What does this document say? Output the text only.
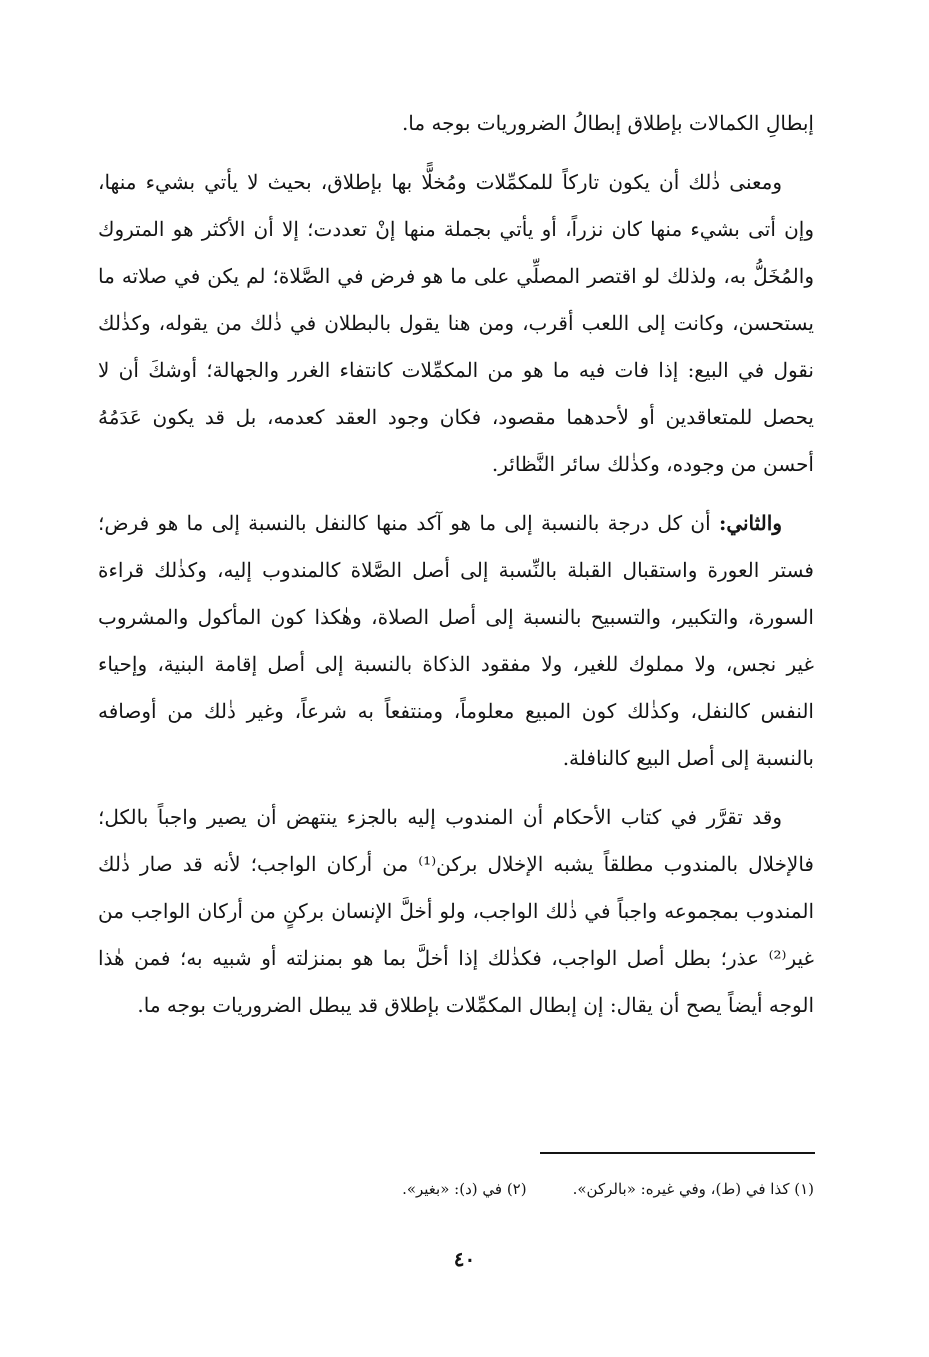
إبطالِ الكمالات بإطلاق إبطالُ الضروريات بوجه ما.

ومعنى ذٰلك أن يكون تاركاً للمكمِّلات ومُخلًّا بها بإطلاق، بحيث لا يأتي بشيء منها، وإن أتى بشيء منها كان نزراً، أو يأتي بجملة منها إنْ تعددت؛ إلا أن الأكثر هو المتروك والمُخَلُّ به، ولذلك لو اقتصر المصلِّي على ما هو فرض في الصَّلاة؛ لم يكن في صلاته ما يستحسن، وكانت إلى اللعب أقرب، ومن هنا يقول بالبطلان في ذٰلك من يقوله، وكذٰلك نقول في البيع: إذا فات فيه ما هو من المكمِّلات كانتفاء الغرر والجهالة؛ أوشكَ أن لا يحصل للمتعاقدين أو لأحدهما مقصود، فكان وجود العقد كعدمه، بل قد يكون عَدَمُهُ أحسن من وجوده، وكذٰلك سائر النَّظائر.

والثاني: أن كل درجة بالنسبة إلى ما هو آكد منها كالنفل بالنسبة إلى ما هو فرض؛ فستر العورة واستقبال القبلة بالنِّسبة إلى أصل الصَّلاة كالمندوب إليه، وكذٰلك قراءة السورة، والتكبير، والتسبيح بالنسبة إلى أصل الصلاة، وهٰكذا كون المأكول والمشروب غير نجس، ولا مملوك للغير، ولا مفقود الذكاة بالنسبة إلى أصل إقامة البنية، وإحياء النفس كالنفل، وكذٰلك كون المبيع معلوماً، ومنتفعاً به شرعاً، وغير ذٰلك من أوصافه بالنسبة إلى أصل البيع كالنافلة.

وقد تقرَّر في كتاب الأحكام أن المندوب إليه بالجزء ينتهض أن يصير واجباً بالكل؛ فالإخلال بالمندوب مطلقاً يشبه الإخلال بركن⁽¹⁾ من أركان الواجب؛ لأنه قد صار ذٰلك المندوب بمجموعه واجباً في ذٰلك الواجب، ولو أخلَّ الإنسان بركنٍ من أركان الواجب من غير⁽²⁾ عذر؛ بطل أصل الواجب، فكذٰلك إذا أخلَّ بما هو بمنزلته أو شبيه به؛ فمن هٰذا الوجه أيضاً يصح أن يقال: إن إبطال المكمِّلات بإطلاق قد يبطل الضروريات بوجه ما.

(١) كذا في (ط)، وفي غيره: «بالركن».(٢) في (د): «بغير».
٤٠
